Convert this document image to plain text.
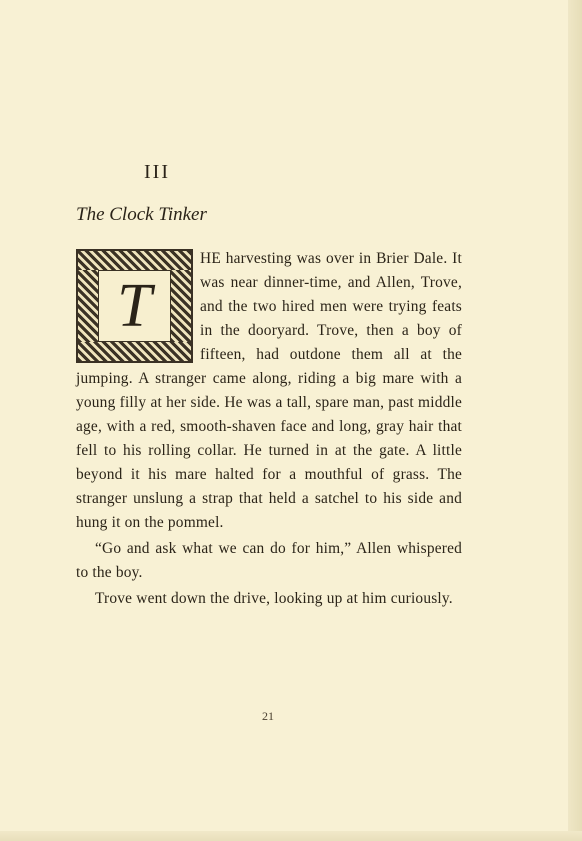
III
The Clock Tinker

T
HE harvesting was over in Brier Dale. It was near dinner-time, and Allen, Trove, and the two hired men were trying feats in the dooryard. Trove, then a boy of fifteen, had outdone them all at the jumping. A stranger came along, riding a big mare with a young filly at her side. He was a tall, spare man, past middle age, with a red, smooth-shaven face and long, gray hair that fell to his rolling collar. He turned in at the gate. A little beyond it his mare halted for a mouthful of grass. The stranger unslung a strap that held a satchel to his side and hung it on the pommel.

“Go and ask what we can do for him,” Allen whispered to the boy.

Trove went down the drive, looking up at him curiously.

21
